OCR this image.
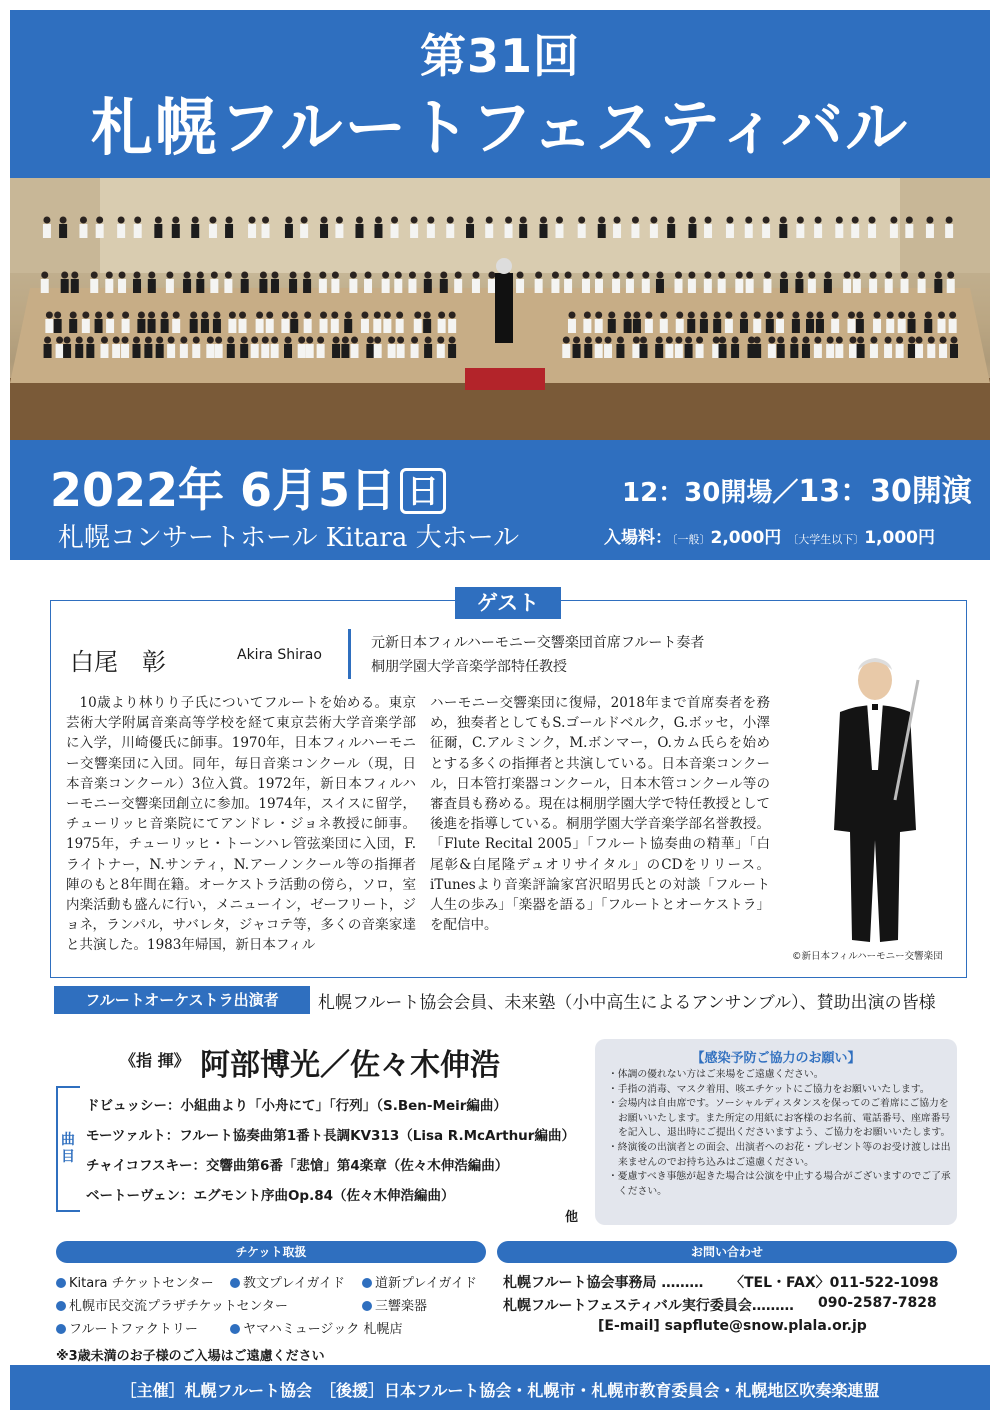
第31回
札幌フルートフェスティバル
2022年 6月5日 日	12：30開場／13：30開演
札幌コンサートホール Kitara 大ホール	入場料：〔一般〕2,000円 〔大学生以下〕1,000円
ゲスト
白尾　彰	Akira Shirao
元新日本フィルハーモニー交響楽団首席フルート奏者
桐朋学園大学音楽学部特任教授
10歳より林りり子氏についてフルートを始める。東京芸術大学附属音楽高等学校を経て東京芸術大学音楽学部に入学，川崎優氏に師事。1970年，日本フィルハーモニー交響楽団に入団。同年，毎日音楽コンクール（現，日本音楽コンクール）3位入賞。1972年，新日本フィルハーモニー交響楽団創立に参加。1974年，スイスに留学，チューリッヒ音楽院にてアンドレ・ジョネ教授に師事。1975年，チューリッヒ・トーンハレ管弦楽団に入団，F.ライトナー，N.サンティ，N.アーノンクール等の指揮者陣のもと8年間在籍。オーケストラ活動の傍ら，ソロ，室内楽活動も盛んに行い，メニューイン，ゼーフリート，ジョネ，ランパル，サバレタ，ジャコテ等，多くの音楽家達と共演した。1983年帰国，新日本フィル
ハーモニー交響楽団に復帰，2018年まで首席奏者を務め，独奏者としてもS.ゴールドベルク，G.ボッセ，小澤征爾，C.アルミンク，M.ボンマー，O.カム氏らを始めとする多くの指揮者と共演している。日本音楽コンクール，日本管打楽器コンクール，日本木管コンクール等の審査員も務める。現在は桐朋学園大学で特任教授として後進を指導している。桐朋学園大学音楽学部名誉教授。「Flute Recital 2005」「フルート協奏曲の精華」「白尾彰&白尾隆デュオリサイタル」のCDをリリース。iTunesより音楽評論家宮沢昭男氏との対談「フルート人生の歩み」「楽器を語る」「フルートとオーケストラ」を配信中。
©新日本フィルハーモニー交響楽団
フルートオーケストラ出演者	札幌フルート協会会員、未来塾（小中高生によるアンサンブル）、賛助出演の皆様
《指 揮》 阿部博光／佐々木伸浩
曲目
ドビュッシー：小組曲より「小舟にて」「行列」（S.Ben-Meir編曲）
モーツァルト：フルート協奏曲第1番ト長調KV313（Lisa R.McArthur編曲）
チャイコフスキー：交響曲第6番「悲愴」第4楽章（佐々木伸浩編曲）
ベートーヴェン：エグモント序曲Op.84（佐々木伸浩編曲）
他
【感染予防ご協力のお願い】
・体調の優れない方はご来場をご遠慮ください。
・手指の消毒、マスク着用、咳エチケットにご協力をお願いいたします。
・会場内は自由席です。ソーシャルディスタンスを保ってのご着席にご協力をお願いいたします。また所定の用紙にお客様のお名前、電話番号、座席番号を記入し、退出時にご提出くださいますよう、ご協力をお願いいたします。
・終演後の出演者との面会、出演者へのお花・プレゼント等のお受け渡しは出来ませんのでお持ち込みはご遠慮ください。
・憂慮すべき事態が起きた場合は公演を中止する場合がございますのでご了承ください。
チケット取扱
Kitara チケットセンター	教文プレイガイド	道新プレイガイド
札幌市民交流プラザチケットセンター	三響楽器
フルートファクトリー	ヤマハミュージック 札幌店
※3歳未満のお子様のご入場はご遠慮ください
お問い合わせ
札幌フルート協会事務局 ……… 〈TEL・FAX〉011-522-1098
札幌フルートフェスティバル実行委員会……… 090-2587-7828
[E-mail] sapflute@snow.plala.or.jp
［主催］札幌フルート協会　［後援］日本フルート協会・札幌市・札幌市教育委員会・札幌地区吹奏楽連盟
